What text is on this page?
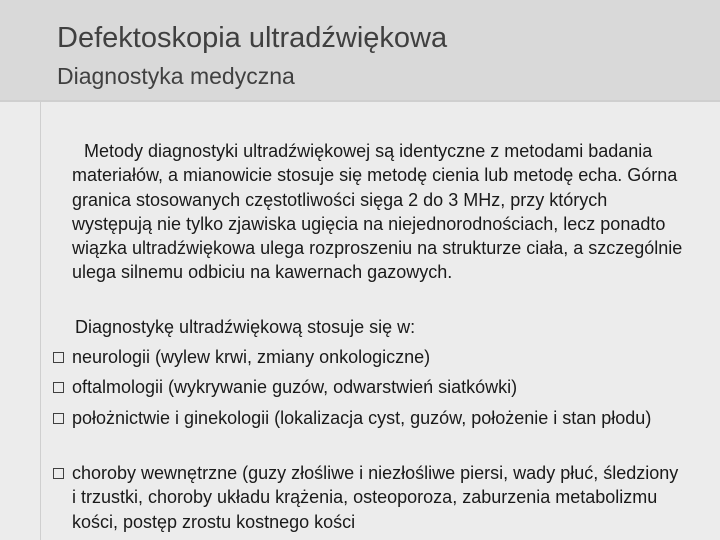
Defektoskopia ultradźwiękowa
Diagnostyka medyczna
Metody diagnostyki ultradźwiękowej są identyczne z metodami badania materiałów, a mianowicie stosuje się metodę cienia lub metodę echa. Górna granica stosowanych częstotliwości sięga 2 do 3 MHz, przy których występują nie tylko zjawiska ugięcia na niejednorodnościach, lecz ponadto wiązka ultradźwiękowa ulega rozproszeniu na strukturze ciała, a szczególnie ulega silnemu odbiciu na kawernach gazowych.
Diagnostykę ultradźwiękową stosuje się w:
neurologii (wylew krwi, zmiany onkologiczne)
oftalmologii (wykrywanie guzów, odwarstwień siatkówki)
położnictwie i ginekologii (lokalizacja cyst, guzów, położenie i stan płodu)
choroby wewnętrzne (guzy złośliwe i niezłośliwe piersi, wady płuć, śledziony i trzustki, choroby układu krążenia, osteoporoza, zaburzenia metabolizmu kości, postęp zrostu kostnego kości
